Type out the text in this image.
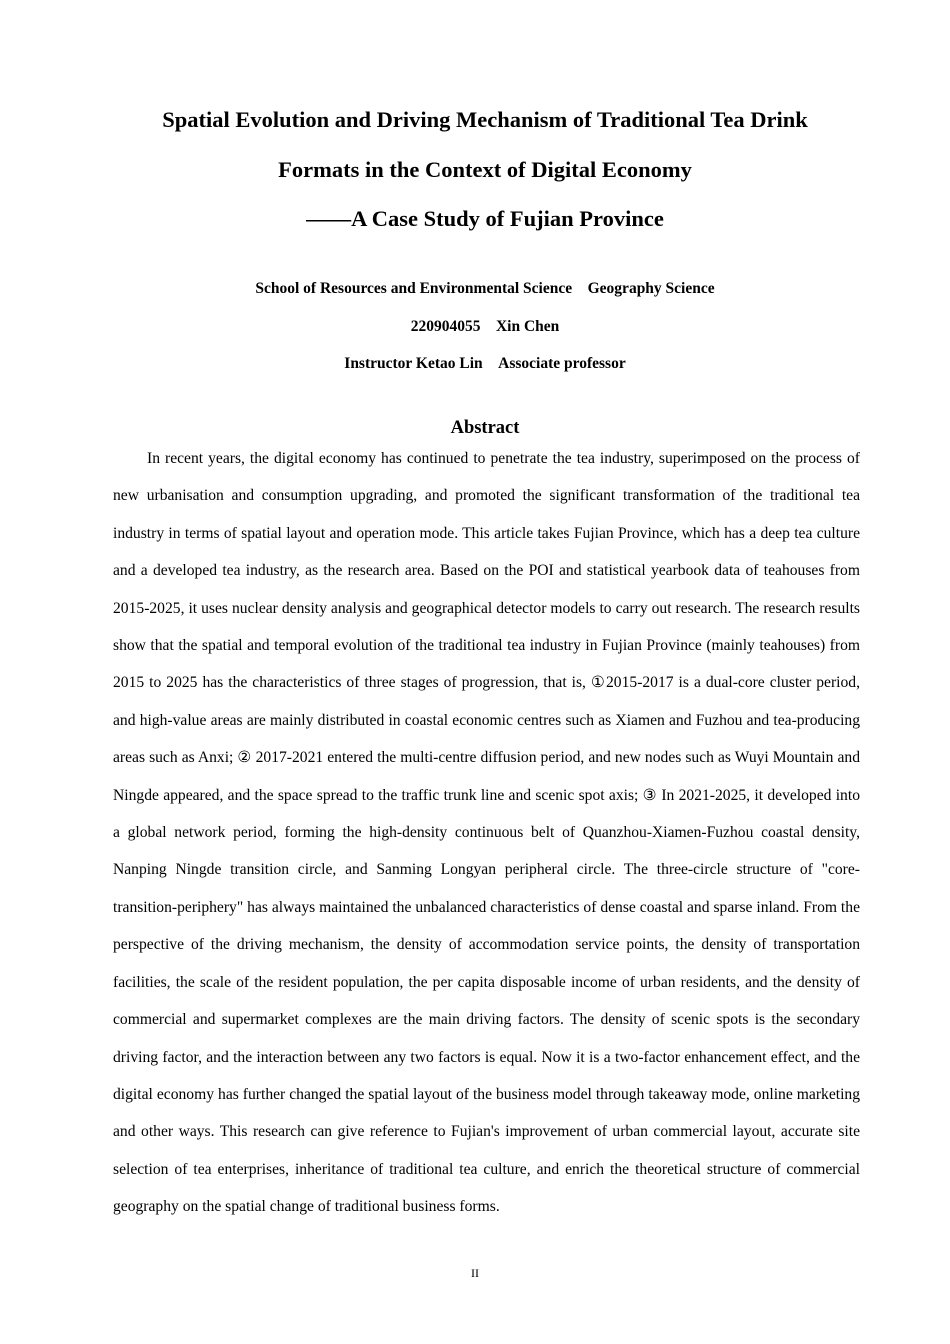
Spatial Evolution and Driving Mechanism of Traditional Tea Drink
Formats in the Context of Digital Economy
——A Case Study of Fujian Province
School of Resources and Environmental Science　Geography Science
220904055　Xin Chen
Instructor Ketao Lin　Associate professor
Abstract

In recent years, the digital economy has continued to penetrate the tea industry, superimposed on the process of new urbanisation and consumption upgrading, and promoted the significant transformation of the traditional tea industry in terms of spatial layout and operation mode. This article takes Fujian Province, which has a deep tea culture and a developed tea industry, as the research area. Based on the POI and statistical yearbook data of teahouses from 2015-2025, it uses nuclear density analysis and geographical detector models to carry out research. The research results show that the spatial and temporal evolution of the traditional tea industry in Fujian Province (mainly teahouses) from 2015 to 2025 has the characteristics of three stages of progression, that is, ①2015-2017 is a dual-core cluster period, and high-value areas are mainly distributed in coastal economic centres such as Xiamen and Fuzhou and tea-producing areas such as Anxi; ② 2017-2021 entered the multi-centre diffusion period, and new nodes such as Wuyi Mountain and Ningde appeared, and the space spread to the traffic trunk line and scenic spot axis; ③ In 2021-2025, it developed into a global network period, forming the high-density continuous belt of Quanzhou-Xiamen-Fuzhou coastal density, Nanping Ningde transition circle, and Sanming Longyan peripheral circle. The three-circle structure of "core-transition-periphery" has always maintained the unbalanced characteristics of dense coastal and sparse inland. From the perspective of the driving mechanism, the density of accommodation service points, the density of transportation facilities, the scale of the resident population, the per capita disposable income of urban residents, and the density of commercial and supermarket complexes are the main driving factors. The density of scenic spots is the secondary driving factor, and the interaction between any two factors is equal. Now it is a two-factor enhancement effect, and the digital economy has further changed the spatial layout of the business model through takeaway mode, online marketing and other ways. This research can give reference to Fujian's improvement of urban commercial layout, accurate site selection of tea enterprises, inheritance of traditional tea culture, and enrich the theoretical structure of commercial geography on the spatial change of traditional business forms.

II
